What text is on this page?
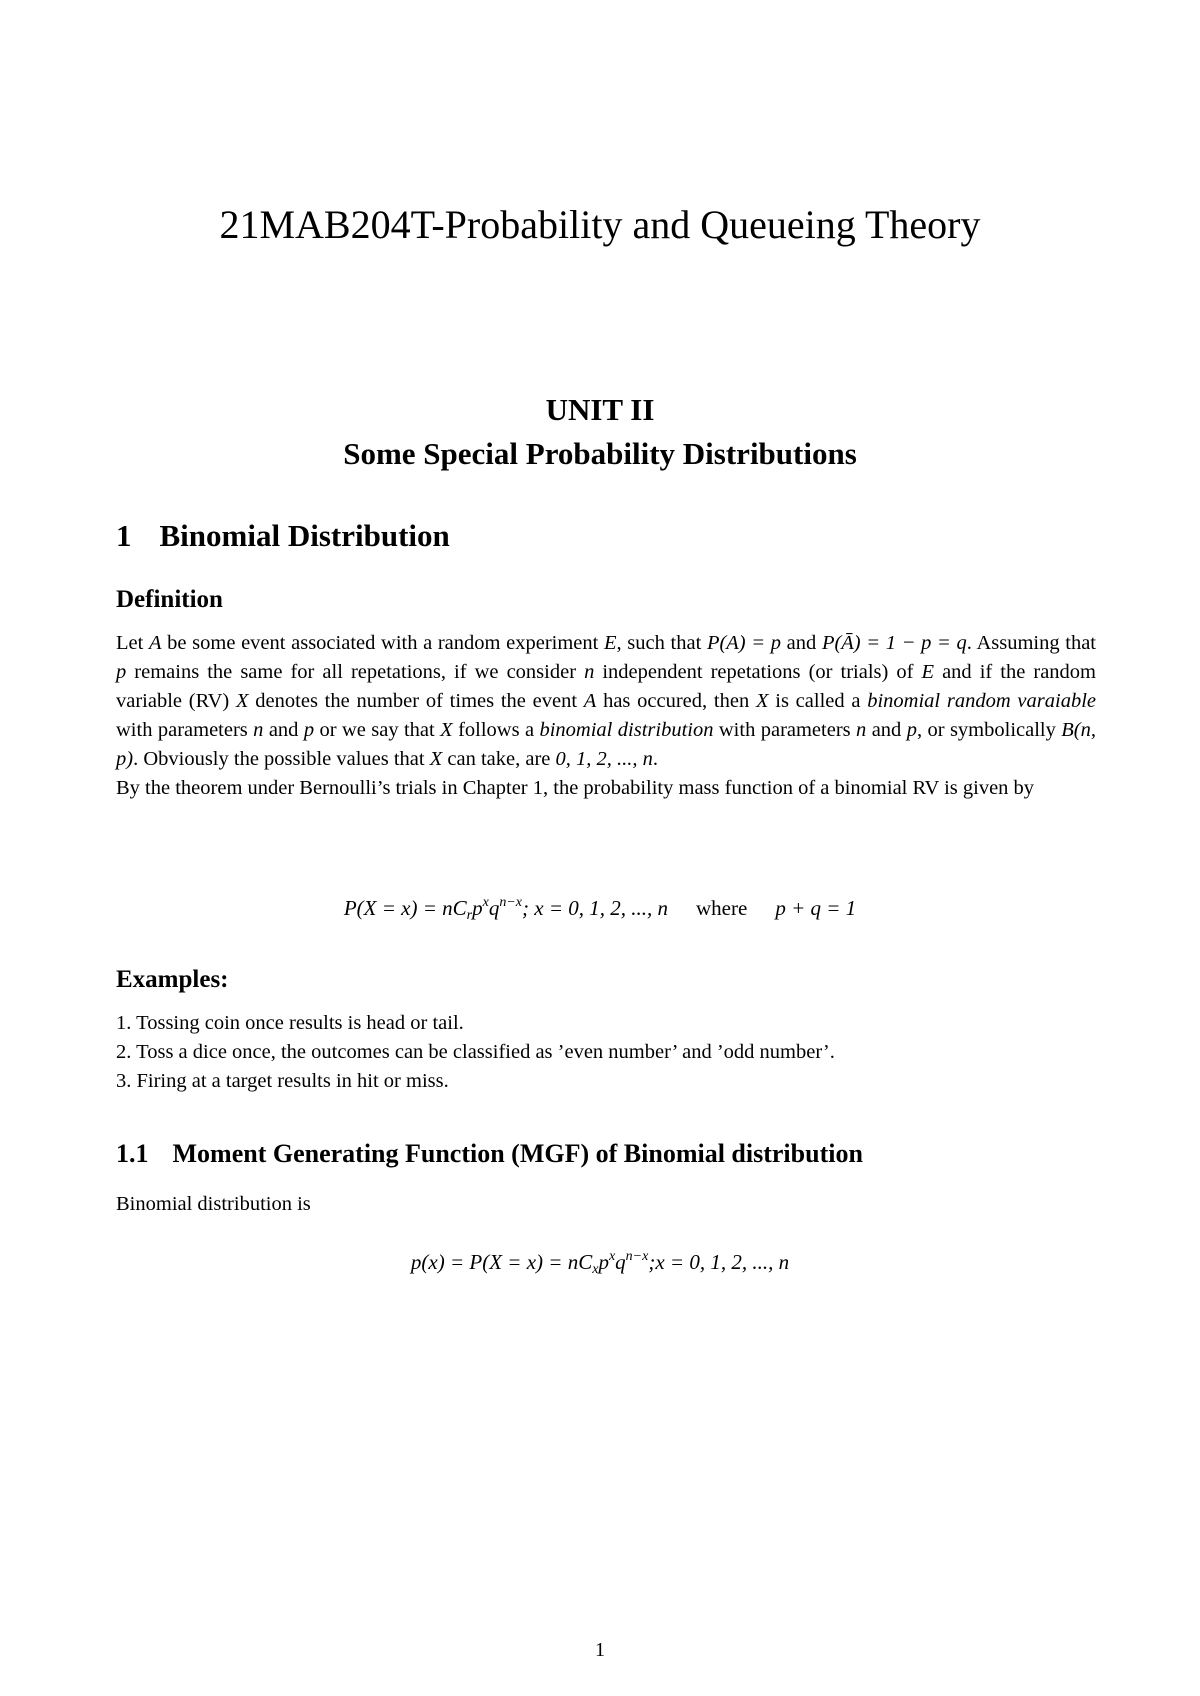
21MAB204T-Probability and Queueing Theory
UNIT II
Some Special Probability Distributions
1 Binomial Distribution
Definition
Let A be some event associated with a random experiment E, such that P(A) = p and P(Ā) = 1 − p = q. Assuming that p remains the same for all repetations, if we consider n independent repetations (or trials) of E and if the random variable (RV) X denotes the number of times the event A has occured, then X is called a binomial random varaiable with parameters n and p or we say that X follows a binomial distribution with parameters n and p, or symbolically B(n, p). Obviously the possible values that X can take, are 0, 1, 2, ..., n.
By the theorem under Bernoulli’s trials in Chapter 1, the probability mass function of a binomial RV is given by
$P(X = x) = nC_rp^xq^{n-x}$; x = 0, 1, 2, ..., n where p + q = 1
Examples:
1. Tossing coin once results is head or tail.
2. Toss a dice once, the outcomes can be classified as ’even number’ and ’odd number’.
3. Firing at a target results in hit or miss.
1.1 Moment Generating Function (MGF) of Binomial distribution
Binomial distribution is
$p(x) = P(X = x) = nC_xp^xq^{n-x};x = 0$, 1, 2, ..., n
1
